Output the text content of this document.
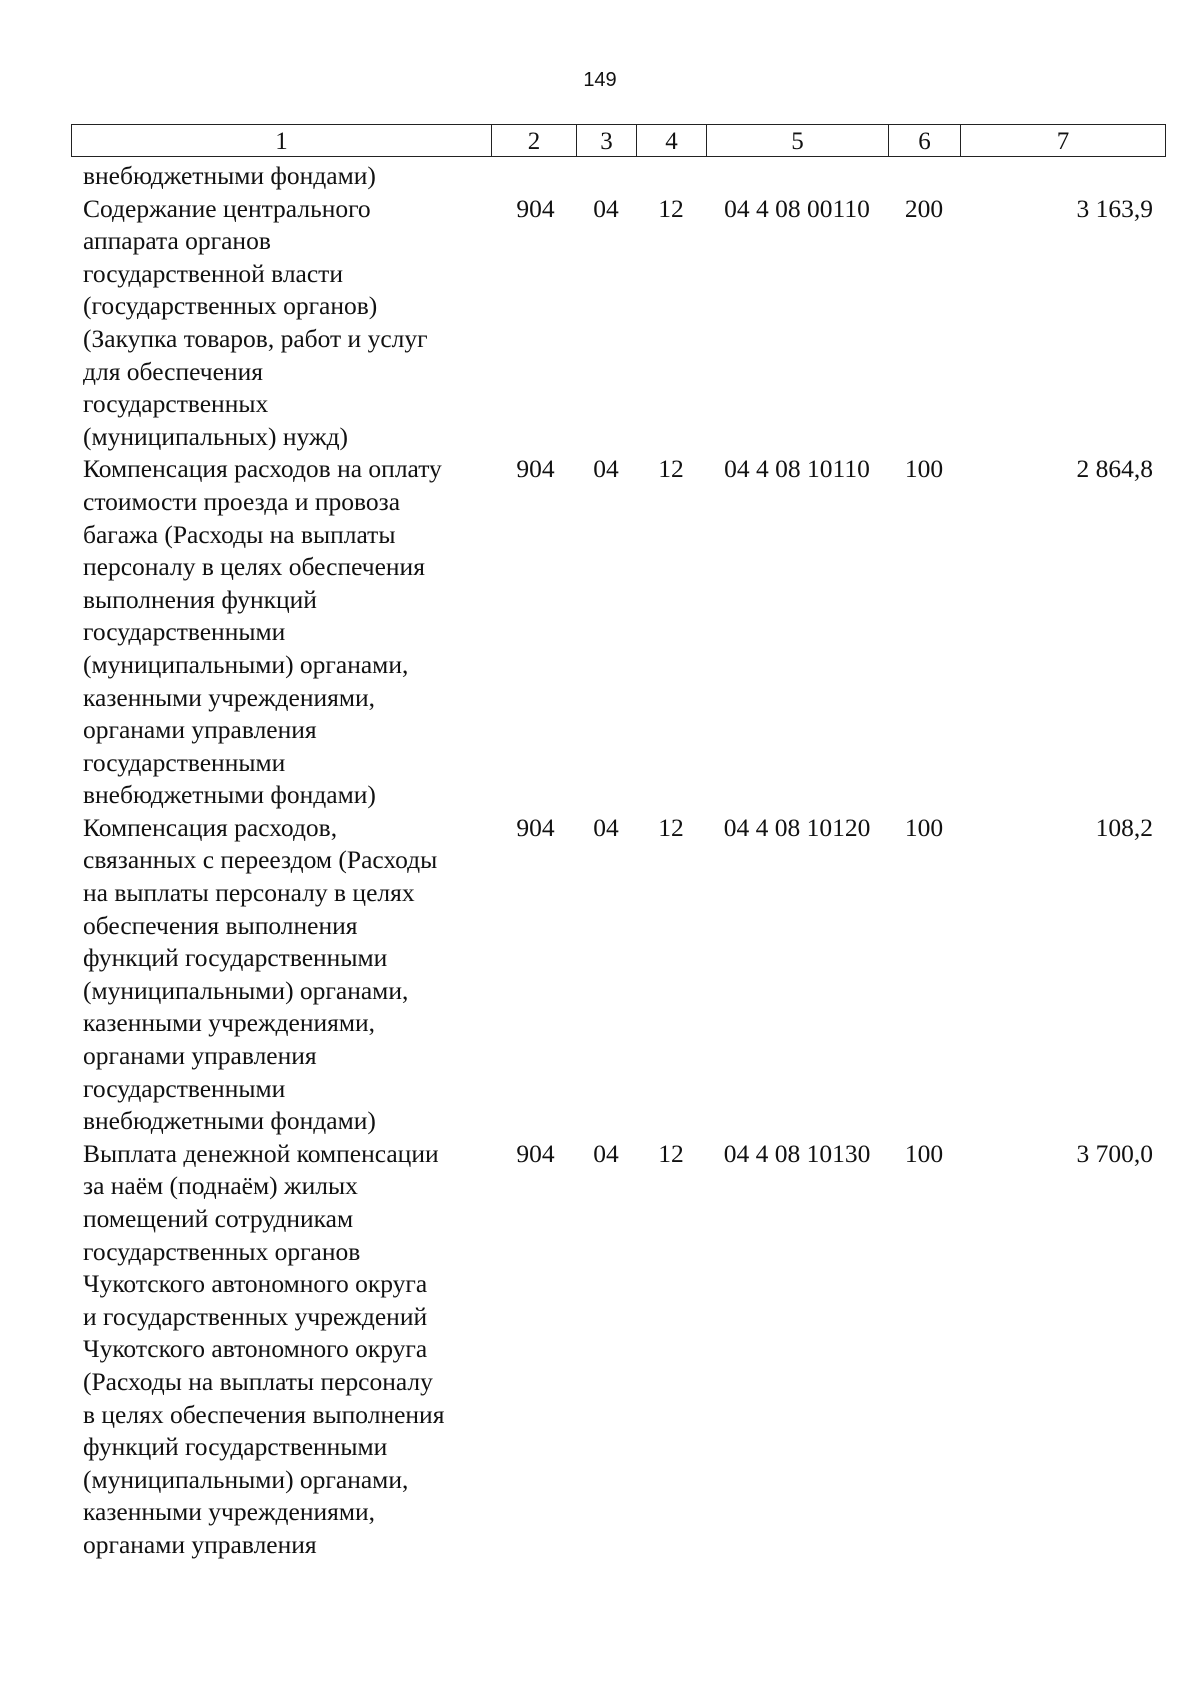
149
1	2	3	4	5	6	7
внебюджетными фондами)
Содержание центрального
аппарата органов
государственной власти
(государственных органов)
(Закупка товаров, работ и услуг
для обеспечения
государственных
(муниципальных) нужд)
904	04	12	04 4 08 00110	200	3 163,9
Компенсация расходов на оплату
стоимости проезда и провоза
багажа (Расходы на выплаты
персоналу в целях обеспечения
выполнения функций
государственными
(муниципальными) органами,
казенными учреждениями,
органами управления
государственными
внебюджетными фондами)
904	04	12	04 4 08 10110	100	2 864,8
Компенсация расходов,
связанных с переездом (Расходы
на выплаты персоналу в целях
обеспечения выполнения
функций государственными
(муниципальными) органами,
казенными учреждениями,
органами управления
государственными
внебюджетными фондами)
904	04	12	04 4 08 10120	100	108,2
Выплата денежной компенсации
за наём (поднаём) жилых
помещений сотрудникам
государственных органов
Чукотского автономного округа
и государственных учреждений
Чукотского автономного округа
(Расходы на выплаты персоналу
в целях обеспечения выполнения
функций государственными
(муниципальными) органами,
казенными учреждениями,
органами управления
904	04	12	04 4 08 10130	100	3 700,0
